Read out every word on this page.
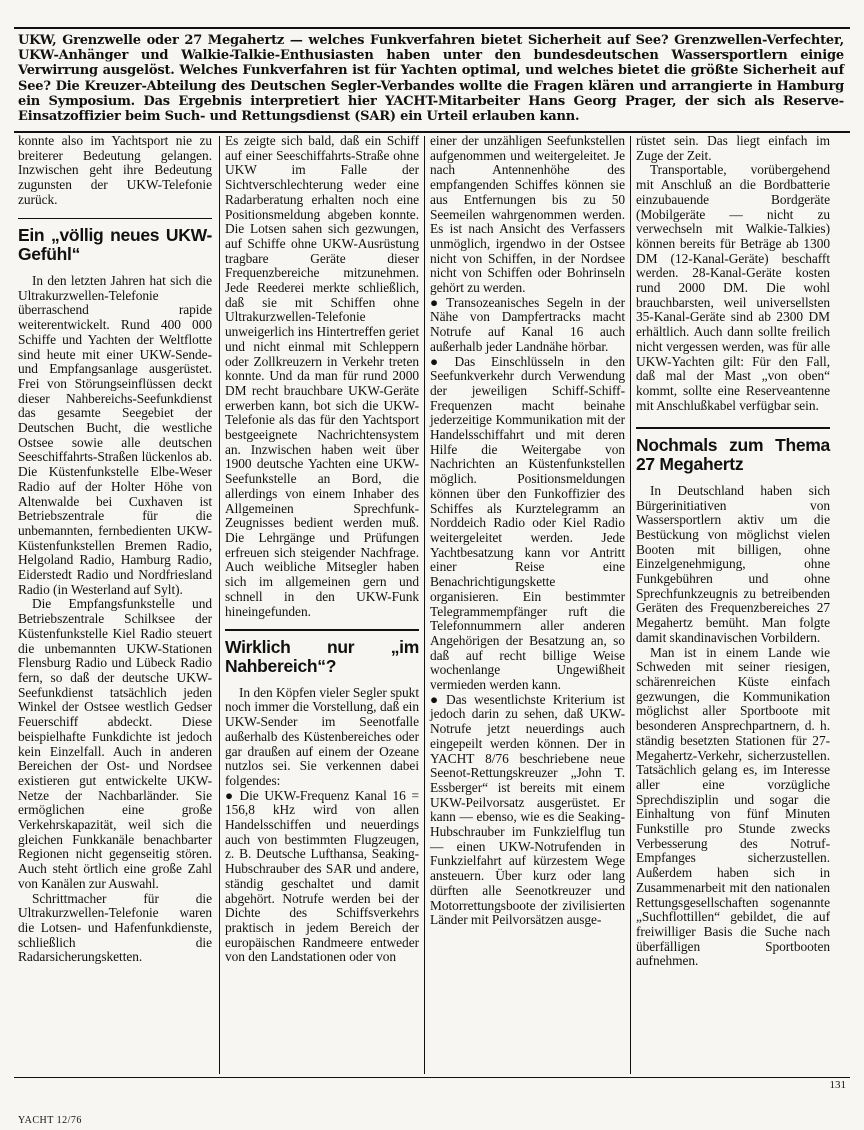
UKW, Grenzwelle oder 27 Megahertz — welches Funkverfahren bietet Sicherheit auf See? Grenzwellen-Verfechter, UKW-Anhänger und Walkie-Talkie-Enthusiasten haben unter den bundesdeutschen Wassersportlern einige Verwirrung ausgelöst. Welches Funkverfahren ist für Yachten optimal, und welches bietet die größte Sicherheit auf See? Die Kreuzer-Abteilung des Deutschen Segler-Verbandes wollte die Fragen klären und arrangierte in Hamburg ein Symposium. Das Ergebnis interpretiert hier YACHT-Mitarbeiter Hans Georg Prager, der sich als Reserve-Einsatzoffizier beim Such- und Rettungsdienst (SAR) ein Urteil erlauben kann.

konnte also im Yachtsport nie zu breiterer Bedeutung gelangen. Inzwischen geht ihre Bedeutung zugunsten der UKW-Telefonie zurück.

Ein „völlig neues UKW-Gefühl“

In den letzten Jahren hat sich die Ultrakurzwellen-Telefonie überraschend rapide weiterentwickelt. Rund 400 000 Schiffe und Yachten der Weltflotte sind heute mit einer UKW-Sende- und Empfangsanlage ausgerüstet. Frei von Störungseinflüssen deckt dieser Nahbereichs-Seefunkdienst das gesamte Seegebiet der Deutschen Bucht, die westliche Ostsee sowie alle deutschen Seeschiffahrts-Straßen lückenlos ab. Die Küstenfunkstelle Elbe-Weser Radio auf der Holter Höhe von Altenwalde bei Cuxhaven ist Betriebszentrale für die unbemannten, fernbedienten UKW-Küstenfunkstellen Bremen Radio, Helgoland Radio, Hamburg Radio, Eiderstedt Radio und Nordfriesland Radio (in Westerland auf Sylt).

Die Empfangsfunkstelle und Betriebszentrale Schilksee der Küstenfunkstelle Kiel Radio steuert die unbemannten UKW-Stationen Flensburg Radio und Lübeck Radio fern, so daß der deutsche UKW-Seefunkdienst tatsächlich jeden Winkel der Ostsee westlich Gedser Feuerschiff abdeckt. Diese beispielhafte Funkdichte ist jedoch kein Einzelfall. Auch in anderen Bereichen der Ost- und Nordsee existieren gut entwickelte UKW-Netze der Nachbarländer. Sie ermöglichen eine große Verkehrskapazität, weil sich die gleichen Funkkanäle benachbarter Regionen nicht gegenseitig stören. Auch steht örtlich eine große Zahl von Kanälen zur Auswahl.

Schrittmacher für die Ultrakurzwellen-Telefonie waren die Lotsen- und Hafenfunkdienste, schließlich die Radarsicherungsketten.

Es zeigte sich bald, daß ein Schiff auf einer Seeschiffahrts-Straße ohne UKW im Falle der Sichtverschlechterung weder eine Radarberatung erhalten noch eine Positionsmeldung abgeben konnte. Die Lotsen sahen sich gezwungen, auf Schiffe ohne UKW-Ausrüstung tragbare Geräte dieser Frequenzbereiche mitzunehmen. Jede Reederei merkte schließlich, daß sie mit Schiffen ohne Ultrakurzwellen-Telefonie unweigerlich ins Hintertreffen geriet und nicht einmal mit Schleppern oder Zollkreuzern in Verkehr treten konnte. Und da man für rund 2000 DM recht brauchbare UKW-Geräte erwerben kann, bot sich die UKW-Telefonie als das für den Yachtsport bestgeeignete Nachrichtensystem an. Inzwischen haben weit über 1900 deutsche Yachten eine UKW-Seefunkstelle an Bord, die allerdings von einem Inhaber des Allgemeinen Sprechfunk-Zeugnisses bedient werden muß. Die Lehrgänge und Prüfungen erfreuen sich steigender Nachfrage. Auch weibliche Mitsegler haben sich im allgemeinen gern und schnell in den UKW-Funk hineingefunden.

Wirklich nur „im Nahbereich“?

In den Köpfen vieler Segler spukt noch immer die Vorstellung, daß ein UKW-Sender im Seenotfalle außerhalb des Küstenbereiches oder gar draußen auf einem der Ozeane nutzlos sei. Sie verkennen dabei folgendes:

● Die UKW-Frequenz Kanal 16 = 156,8 kHz wird von allen Handelsschiffen und neuerdings auch von bestimmten Flugzeugen, z. B. Deutsche Lufthansa, Seaking-Hubschrauber des SAR und andere, ständig geschaltet und damit abgehört. Notrufe werden bei der Dichte des Schiffsverkehrs praktisch in jedem Bereich der europäischen Randmeere entweder von den Landstationen oder von

einer der unzähligen Seefunkstellen aufgenommen und weitergeleitet. Je nach Antennenhöhe des empfangenden Schiffes können sie aus Entfernungen bis zu 50 Seemeilen wahrgenommen werden. Es ist nach Ansicht des Verfassers unmöglich, irgendwo in der Ostsee nicht von Schiffen, in der Nordsee nicht von Schiffen oder Bohrinseln gehört zu werden.

● Transozeanisches Segeln in der Nähe von Dampfertracks macht Notrufe auf Kanal 16 auch außerhalb jeder Landnähe hörbar.

● Das Einschlüsseln in den Seefunkverkehr durch Verwendung der jeweiligen Schiff-Schiff-Frequenzen macht beinahe jederzeitige Kommunikation mit der Handelsschiffahrt und mit deren Hilfe die Weitergabe von Nachrichten an Küstenfunkstellen möglich. Positionsmeldungen können über den Funkoffizier des Schiffes als Kurztelegramm an Norddeich Radio oder Kiel Radio weitergeleitet werden. Jede Yachtbesatzung kann vor Antritt einer Reise eine Benachrichtigungskette organisieren. Ein bestimmter Telegrammempfänger ruft die Telefonnummern aller anderen Angehörigen der Besatzung an, so daß auf recht billige Weise wochenlange Ungewißheit vermieden werden kann.

● Das wesentlichste Kriterium ist jedoch darin zu sehen, daß UKW-Notrufe jetzt neuerdings auch eingepeilt werden können. Der in YACHT 8/76 beschriebene neue Seenot-Rettungskreuzer „John T. Essberger“ ist bereits mit einem UKW-Peilvorsatz ausgerüstet. Er kann — ebenso, wie es die Seaking-Hubschrauber im Funkzielflug tun — einen UKW-Notrufenden in Funkzielfahrt auf kürzestem Wege ansteuern. Über kurz oder lang dürften alle Seenotkreuzer und Motorrettungsboote der zivilisierten Länder mit Peilvorsätzen ausge-

rüstet sein. Das liegt einfach im Zuge der Zeit.

Transportable, vorübergehend mit Anschluß an die Bordbatterie einzubauende Bordgeräte (Mobilgeräte — nicht zu verwechseln mit Walkie-Talkies) können bereits für Beträge ab 1300 DM (12-Kanal-Geräte) beschafft werden. 28-Kanal-Geräte kosten rund 2000 DM. Die wohl brauchbarsten, weil universellsten 35-Kanal-Geräte sind ab 2300 DM erhältlich. Auch dann sollte freilich nicht vergessen werden, was für alle UKW-Yachten gilt: Für den Fall, daß mal der Mast „von oben“ kommt, sollte eine Reserveantenne mit Anschlußkabel verfügbar sein.

Nochmals zum Thema 27 Megahertz

In Deutschland haben sich Bürgerinitiativen von Wassersportlern aktiv um die Bestückung von möglichst vielen Booten mit billigen, ohne Einzelgenehmigung, ohne Funkgebühren und ohne Sprechfunkzeugnis zu betreibenden Geräten des Frequenzbereiches 27 Megahertz bemüht. Man folgte damit skandinavischen Vorbildern.

Man ist in einem Lande wie Schweden mit seiner riesigen, schärenreichen Küste einfach gezwungen, die Kommunikation möglichst aller Sportboote mit besonderen Ansprechpartnern, d. h. ständig besetzten Stationen für 27-Megahertz-Verkehr, sicherzustellen. Tatsächlich gelang es, im Interesse aller eine vorzügliche Sprechdisziplin und sogar die Einhaltung von fünf Minuten Funkstille pro Stunde zwecks Verbesserung des Notruf-Empfanges sicherzustellen. Außerdem haben sich in Zusammenarbeit mit den nationalen Rettungsgesellschaften sogenannte „Suchflottillen“ gebildet, die auf freiwilliger Basis die Suche nach überfälligen Sportbooten aufnehmen.

YACHT 12/76
131
